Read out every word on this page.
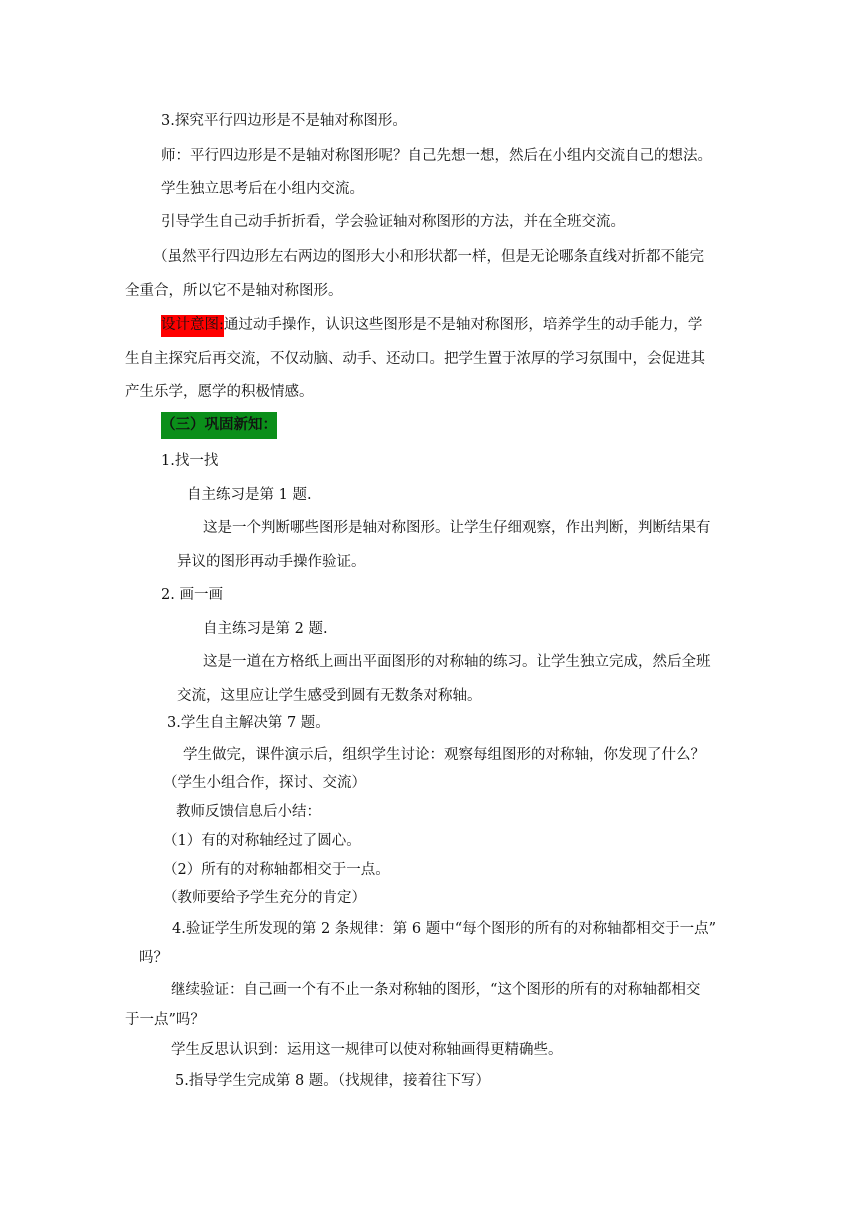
3.探究平行四边形是不是轴对称图形。
师：平行四边形是不是轴对称图形呢？自己先想一想，然后在小组内交流自己的想法。
学生独立思考后在小组内交流。
引导学生自己动手折折看，学会验证轴对称图形的方法，并在全班交流。
（虽然平行四边形左右两边的图形大小和形状都一样，但是无论哪条直线对折都不能完
全重合，所以它不是轴对称图形。
设计意图:通过动手操作，认识这些图形是不是轴对称图形，培养学生的动手能力，学
生自主探究后再交流，不仅动脑、动手、还动口。把学生置于浓厚的学习氛围中，会促进其
产生乐学，愿学的积极情感。
（三）巩固新知：
1.找一找
自主练习是第 1 题.
这是一个判断哪些图形是轴对称图形。让学生仔细观察，作出判断，判断结果有
异议的图形再动手操作验证。
2. 画一画
自主练习是第 2 题.
这是一道在方格纸上画出平面图形的对称轴的练习。让学生独立完成，然后全班
交流，这里应让学生感受到圆有无数条对称轴。
3.学生自主解决第 7 题。
学生做完，课件演示后，组织学生讨论：观察每组图形的对称轴，你发现了什么？
（学生小组合作，探讨、交流）
教师反馈信息后小结：
（1）有的对称轴经过了圆心。
（2）所有的对称轴都相交于一点。
（教师要给予学生充分的肯定）
4.验证学生所发现的第 2 条规律：第 6 题中“每个图形的所有的对称轴都相交于一点”
吗？
继续验证：自己画一个有不止一条对称轴的图形，“这个图形的所有的对称轴都相交
于一点”吗？
学生反思认识到：运用这一规律可以使对称轴画得更精确些。
5.指导学生完成第 8 题。（找规律，接着往下写）
